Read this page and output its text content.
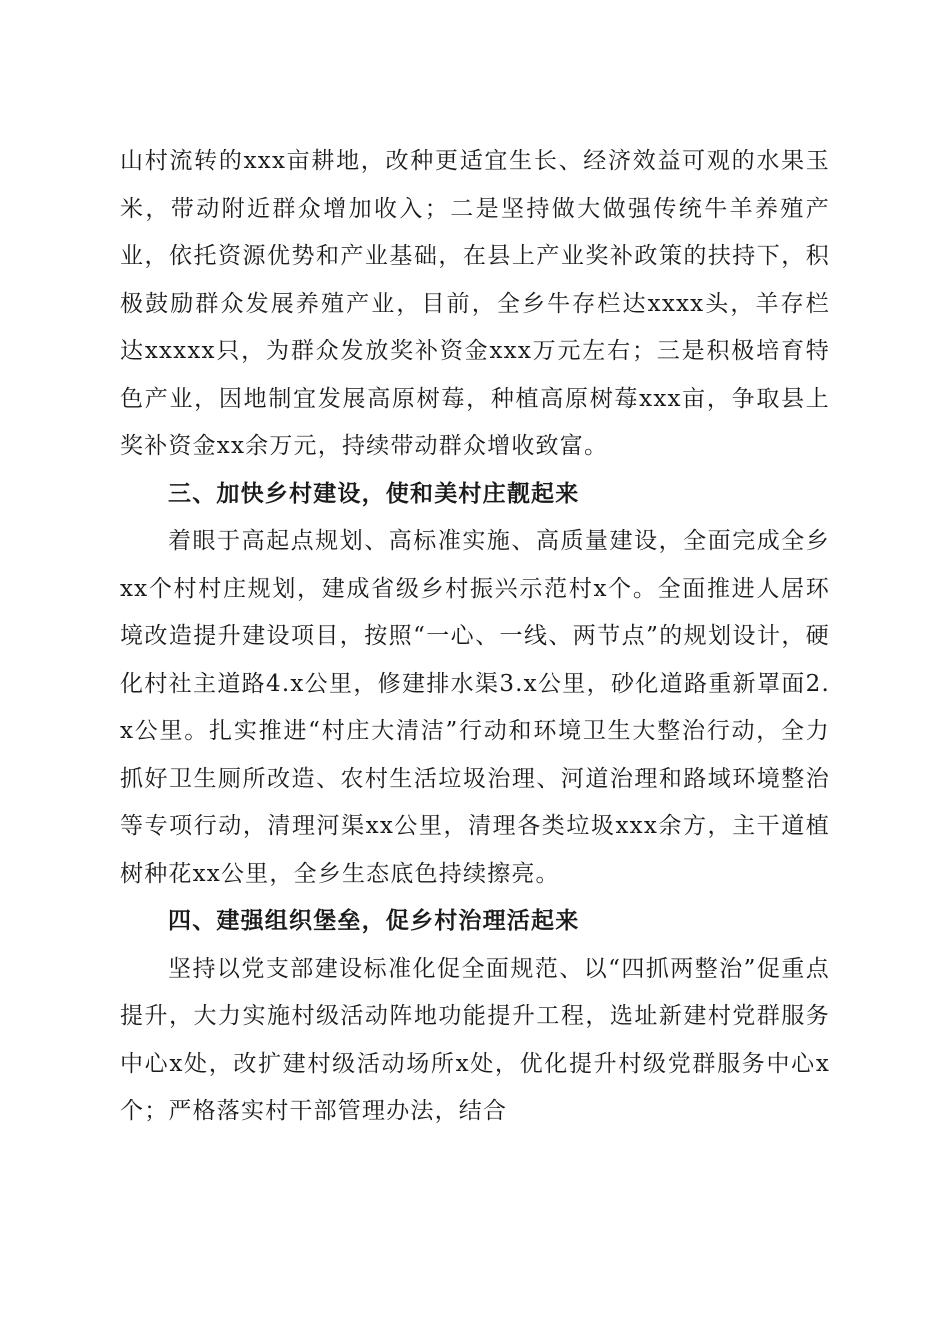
山村流转的xxx亩耕地，改种更适宜生长、经济效益可观的水果玉米，带动附近群众增加收入；二是坚持做大做强传统牛羊养殖产业，依托资源优势和产业基础，在县上产业奖补政策的扶持下，积极鼓励群众发展养殖产业，目前，全乡牛存栏达xxxx头，羊存栏达xxxxx只，为群众发放奖补资金xxx万元左右；三是积极培育特色产业，因地制宜发展高原树莓，种植高原树莓xxx亩，争取县上奖补资金xx余万元，持续带动群众增收致富。

三、加快乡村建设，使和美村庄靓起来

着眼于高起点规划、高标准实施、高质量建设，全面完成全乡xx个村村庄规划，建成省级乡村振兴示范村x个。全面推进人居环境改造提升建设项目，按照“一心、一线、两节点”的规划设计，硬化村社主道路4.x公里，修建排水渠3.x公里，砂化道路重新罩面2.x公里。扎实推进“村庄大清洁”行动和环境卫生大整治行动，全力抓好卫生厕所改造、农村生活垃圾治理、河道治理和路域环境整治等专项行动，清理河渠xx公里，清理各类垃圾xxx余方，主干道植树种花xx公里，全乡生态底色持续擦亮。

四、建强组织堡垒，促乡村治理活起来

坚持以党支部建设标准化促全面规范、以“四抓两整治”促重点提升，大力实施村级活动阵地功能提升工程，选址新建村党群服务中心x处，改扩建村级活动场所x处，优化提升村级党群服务中心x个；严格落实村干部管理办法，结合
